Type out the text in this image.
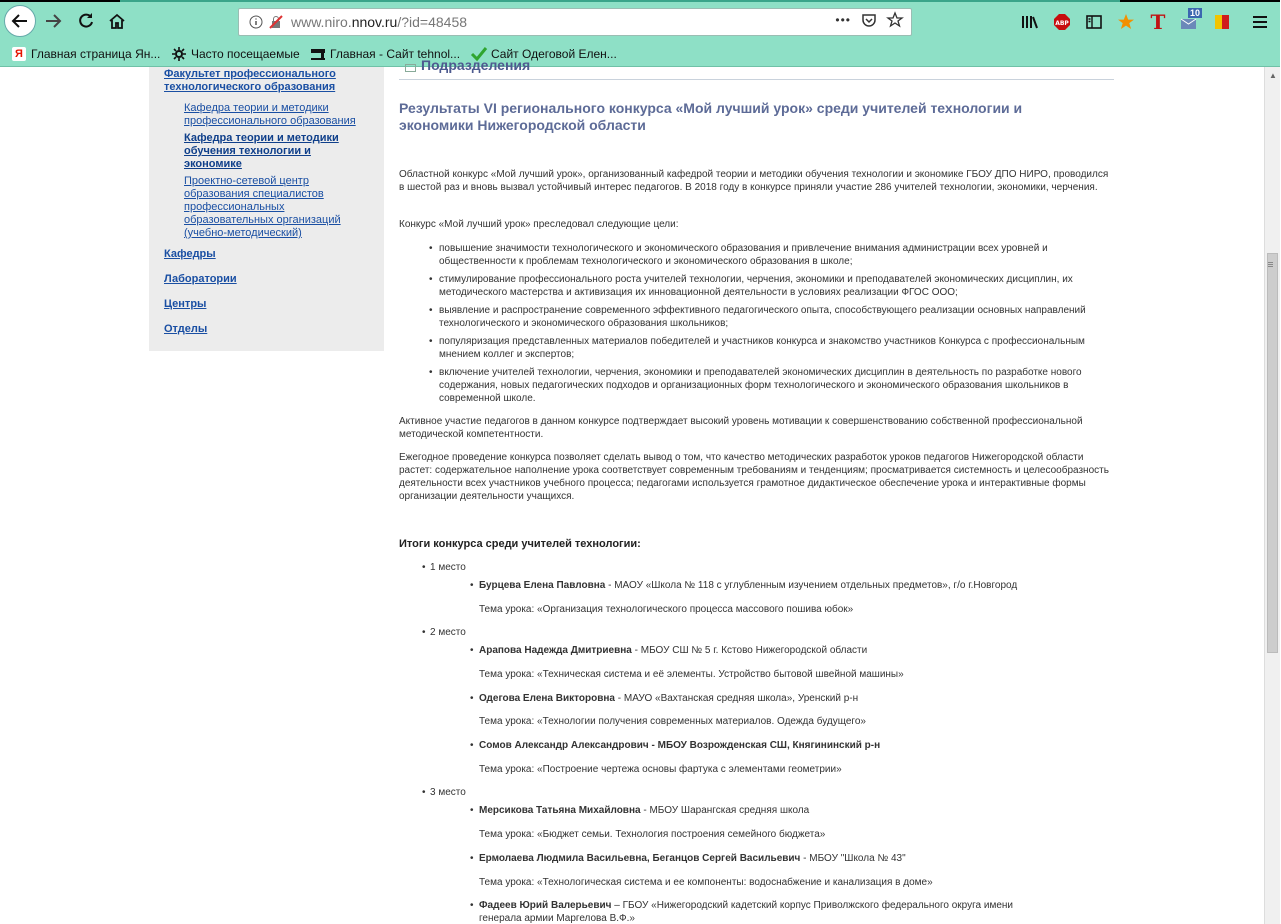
www.niro.nnov.ru/?id=48458	•••	ABP	T	10
Я Главная страница Ян...	Часто посещаемые	Главная - Сайт tehnol...	Сайт Одеговой Елен...
Факультет профессионального технологического образования
Кафедра теории и методики профессионального образования
Кафедра теории и методики обучения технологии и экономике
Проектно-сетевой центр образования специалистов профессиональных образовательных организаций (учебно-методический)
Кафедры
Лаборатории
Центры
Отделы
Подразделения
Результаты VI регионального конкурса «Мой лучший урок» среди учителей технологии и экономики Нижегородской области

Областной конкурс «Мой лучший урок», организованный кафедрой теории и методики обучения технологии и экономике ГБОУ ДПО НИРО, проводился в шестой раз и вновь вызвал устойчивый интерес педагогов. В 2018 году в конкурсе приняли участие 286 учителей технологии, экономики, черчения.

Конкурс «Мой лучший урок» преследовал следующие цели:

• повышение значимости технологического и экономического образования и привлечение внимания администрации всех уровней и общественности к проблемам технологического и экономического образования в школе;
• стимулирование профессионального роста учителей технологии, черчения, экономики и преподавателей экономических дисциплин, их методического мастерства и активизация их инновационной деятельности в условиях реализации ФГОС ООО;
• выявление и распространение современного эффективного педагогического опыта, способствующего реализации основных направлений технологического и экономического образования школьников;
• популяризация представленных материалов победителей и участников конкурса и знакомство участников Конкурса с профессиональным мнением коллег и экспертов;
• включение учителей технологии, черчения, экономики и преподавателей экономических дисциплин в деятельность по разработке нового содержания, новых педагогических подходов и организационных форм технологического и экономического образования школьников в современной школе.

Активное участие педагогов в данном конкурсе подтверждает высокий уровень мотивации к совершенствованию собственной профессиональной методической компетентности.

Ежегодное проведение конкурса позволяет сделать вывод о том, что качество методических разработок уроков педагогов Нижегородской области растет: содержательное наполнение урока соответствует современным требованиям и тенденциям; просматривается системность и целесообразность деятельности всех участников учебного процесса; педагогами используется грамотное дидактическое обеспечение урока и интерактивные формы организации деятельности учащихся.

Итоги конкурса среди учителей технологии:
• 1 место
• Бурцева Елена Павловна - МАОУ «Школа № 118 с углубленным изучением отдельных предметов», г/о г.Новгород
Тема урока: «Организация технологического процесса массового пошива юбок»
• 2 место
• Арапова Надежда Дмитриевна - МБОУ СШ № 5 г. Кстово Нижегородской области
Тема урока: «Техническая система и её элементы. Устройство бытовой швейной машины»
• Одегова Елена Викторовна - МАУО «Вахтанская средняя школа», Уренский р-н
Тема урока: «Технологии получения современных материалов. Одежда будущего»
• Сомов Александр Александрович - МБОУ Возрожденская СШ, Княгининский р-н
Тема урока: «Построение чертежа основы фартука с элементами геометрии»
• 3 место
• Мерсикова Татьяна Михайловна - МБОУ Шарангская средняя школа
Тема урока: «Бюджет семьи. Технология построения семейного бюджета»
• Ермолаева Людмила Васильевна, Беганцов Сергей Васильевич - МБОУ "Школа № 43"
Тема урока: «Технологическая система и ее компоненты: водоснабжение и канализация в доме»
• Фадеев Юрий Валерьевич – ГБОУ «Нижегородский кадетский корпус Приволжского федерального округа имени
генерала армии Маргелова В.Ф.»
▲
